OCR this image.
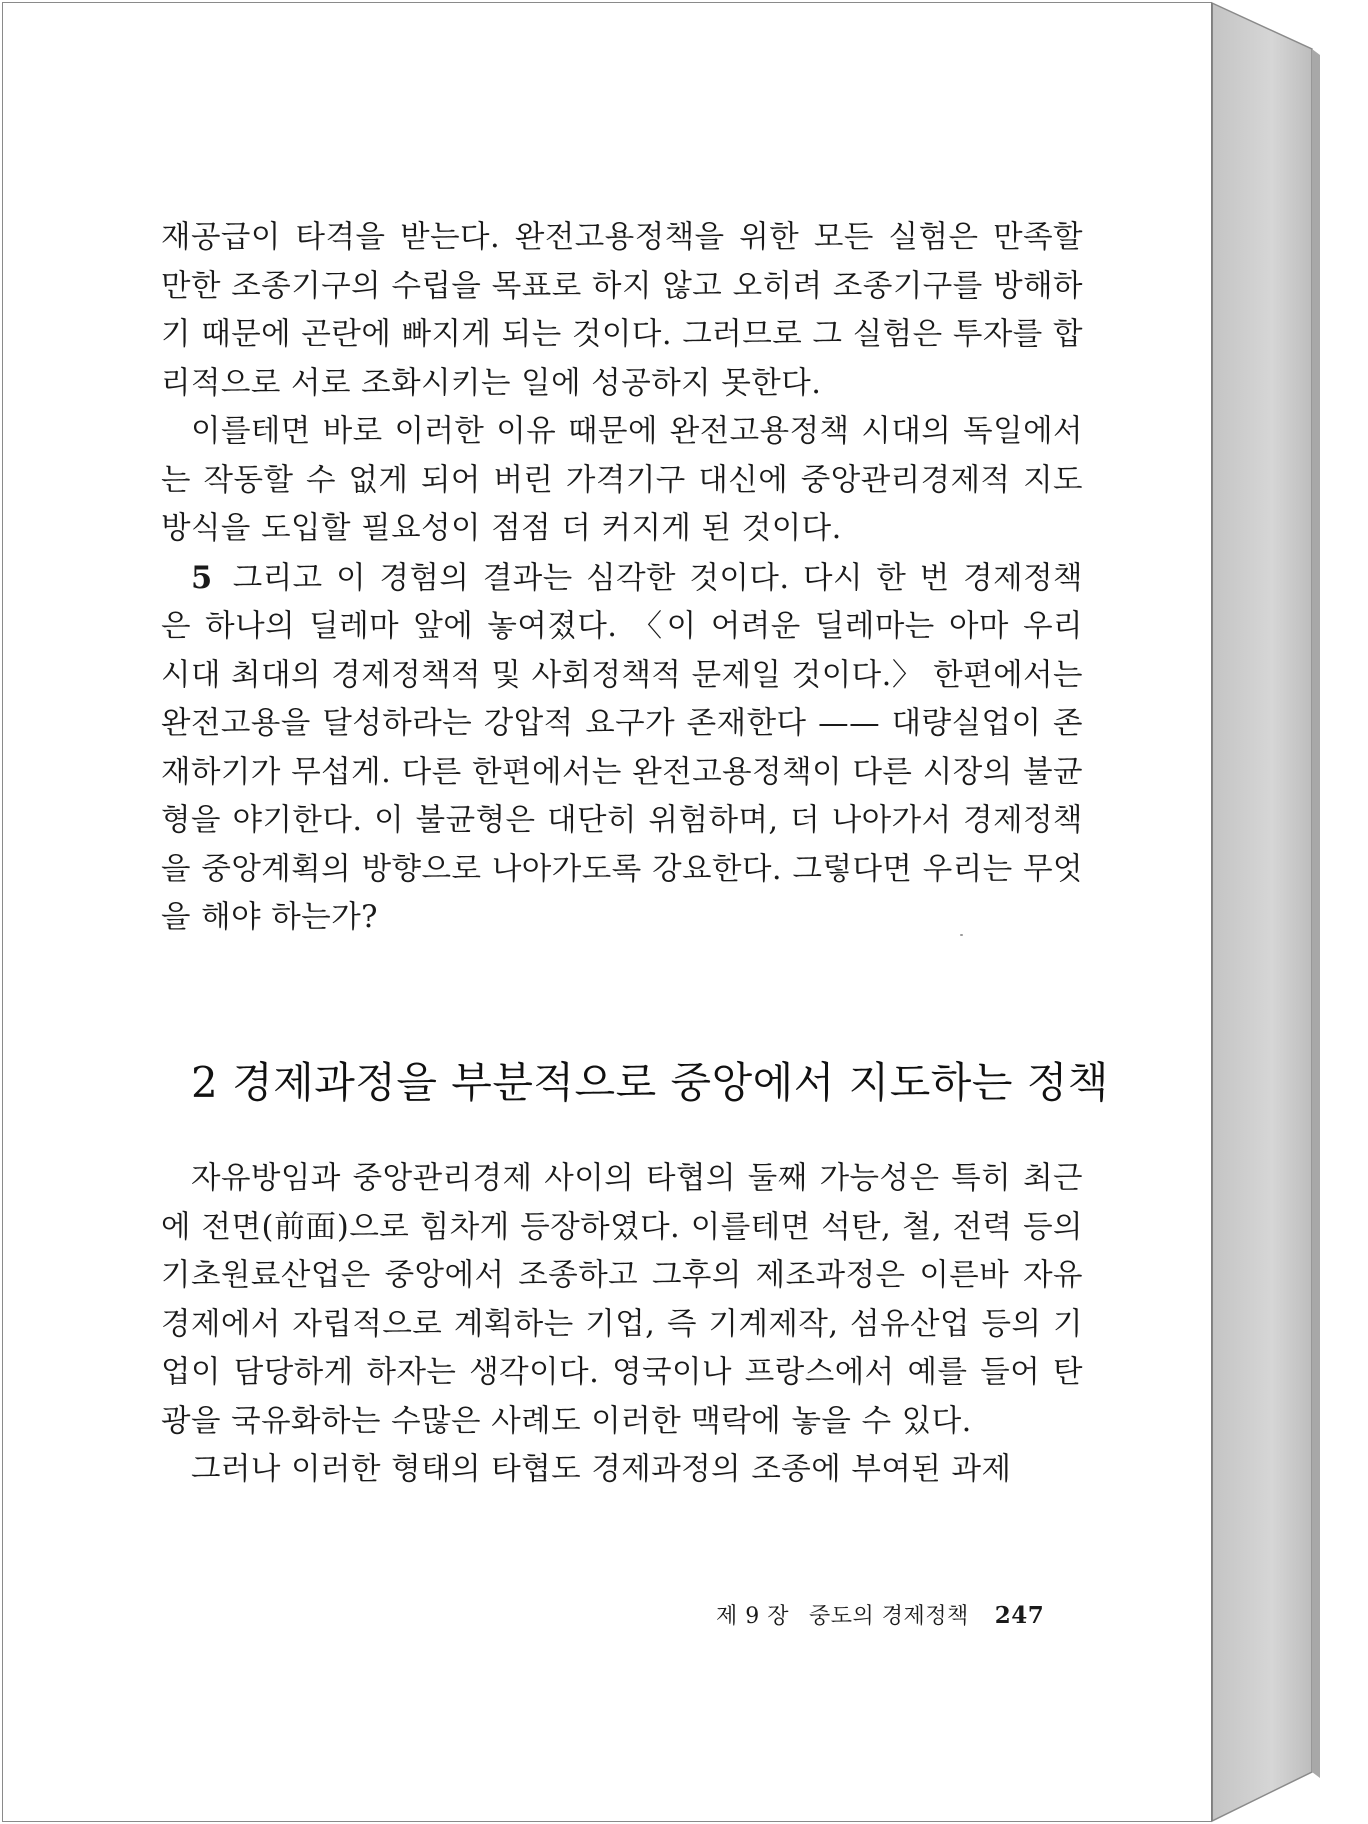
재공급이 타격을 받는다. 완전고용정책을 위한 모든 실험은 만족할 만한 조종기구의 수립을 목표로 하지 않고 오히려 조종기구를 방해하기 때문에 곤란에 빠지게 되는 것이다. 그러므로 그 실험은 투자를 합리적으로 서로 조화시키는 일에 성공하지 못한다.

이를테면 바로 이러한 이유 때문에 완전고용정책 시대의 독일에서는 작동할 수 없게 되어 버린 가격기구 대신에 중앙관리경제적 지도방식을 도입할 필요성이 점점 더 커지게 된 것이다.

5 그리고 이 경험의 결과는 심각한 것이다. 다시 한 번 경제정책은 하나의 딜레마 앞에 놓여졌다. 〈이 어려운 딜레마는 아마 우리 시대 최대의 경제정책적 및 사회정책적 문제일 것이다.〉 한편에서는 완전고용을 달성하라는 강압적 요구가 존재한다 —— 대량실업이 존재하기가 무섭게. 다른 한편에서는 완전고용정책이 다른 시장의 불균형을 야기한다. 이 불균형은 대단히 위험하며, 더 나아가서 경제정책을 중앙계획의 방향으로 나아가도록 강요한다. 그렇다면 우리는 무엇을 해야 하는가?

2 경제과정을 부분적으로 중앙에서 지도하는 정책

자유방임과 중앙관리경제 사이의 타협의 둘째 가능성은 특히 최근에 전면(前面)으로 힘차게 등장하였다. 이를테면 석탄, 철, 전력 등의 기초원료산업은 중앙에서 조종하고 그후의 제조과정은 이른바 자유경제에서 자립적으로 계획하는 기업, 즉 기계제작, 섬유산업 등의 기업이 담당하게 하자는 생각이다. 영국이나 프랑스에서 예를 들어 탄광을 국유화하는 수많은 사례도 이러한 맥락에 놓을 수 있다.

그러나 이러한 형태의 타협도 경제과정의 조종에 부여된 과제

제 9 장 중도의 경제정책 247
